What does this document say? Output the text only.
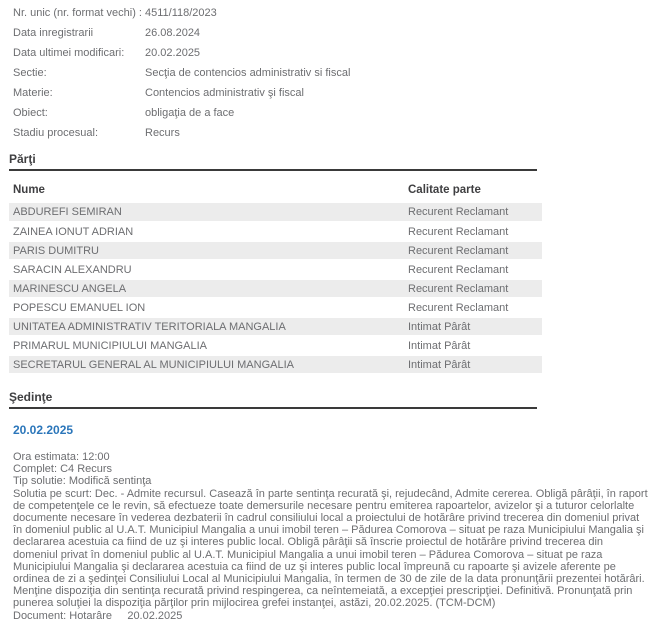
Nr. unic (nr. format vechi) : 4511/118/2023
Data inregistrarii	26.08.2024
Data ultimei modificari:	20.02.2025
Sectie:	Secţia de contencios administrativ si fiscal
Materie:	Contencios administrativ şi fiscal
Obiect:	obligaţia de a face
Stadiu procesual:	Recurs
Părţi
Nume	Calitate parte
ABDUREFI SEMIRAN	Recurent Reclamant
ZAINEA IONUT ADRIAN	Recurent Reclamant
PARIS DUMITRU	Recurent Reclamant
SARACIN ALEXANDRU	Recurent Reclamant
MARINESCU ANGELA	Recurent Reclamant
POPESCU EMANUEL ION	Recurent Reclamant
UNITATEA ADMINISTRATIV TERITORIALA MANGALIA	Intimat Pârât
PRIMARUL MUNICIPIULUI MANGALIA	Intimat Pârât
SECRETARUL GENERAL AL MUNICIPIULUI MANGALIA	Intimat Pârât
Şedinţe
20.02.2025
Ora estimata: 12:00
Complet: C4 Recurs
Tip solutie: Modifică sentinţa
Solutia pe scurt: Dec. - Admite recursul. Casează în parte sentinţa recurată şi, rejudecând, Admite cererea. Obligă pârâţii, în raport de competenţele ce le revin, să efectueze toate demersurile necesare pentru emiterea rapoartelor, avizelor şi a tuturor celorlalte documente necesare în vederea dezbaterii în cadrul consiliului local a proiectului de hotărâre privind trecerea din domeniul privat în domeniul public al U.A.T. Municipiul Mangalia a unui imobil teren – Pădurea Comorova – situat pe raza Municipiului Mangalia şi declararea acestuia ca fiind de uz şi interes public local. Obligă pârâţii să înscrie proiectul de hotărâre privind trecerea din domeniul privat în domeniul public al U.A.T. Municipiul Mangalia a unui imobil teren – Pădurea Comorova – situat pe raza Municipiului Mangalia şi declararea acestuia ca fiind de uz şi interes public local împreună cu rapoarte şi avizele aferente pe ordinea de zi a şedinţei Consiliului Local al Municipiului Mangalia, în termen de 30 de zile de la data pronunţării prezentei hotărâri. Menţine dispoziţia din sentinţa recurată privind respingerea, ca neîntemeiată, a excepţiei prescripţiei. Definitivă. Pronunţată prin punerea soluţiei la dispoziţia părţilor prin mijlocirea grefei instanţei, astăzi, 20.02.2025. (TCM-DCM)
Document: Hotarâre     20.02.2025
